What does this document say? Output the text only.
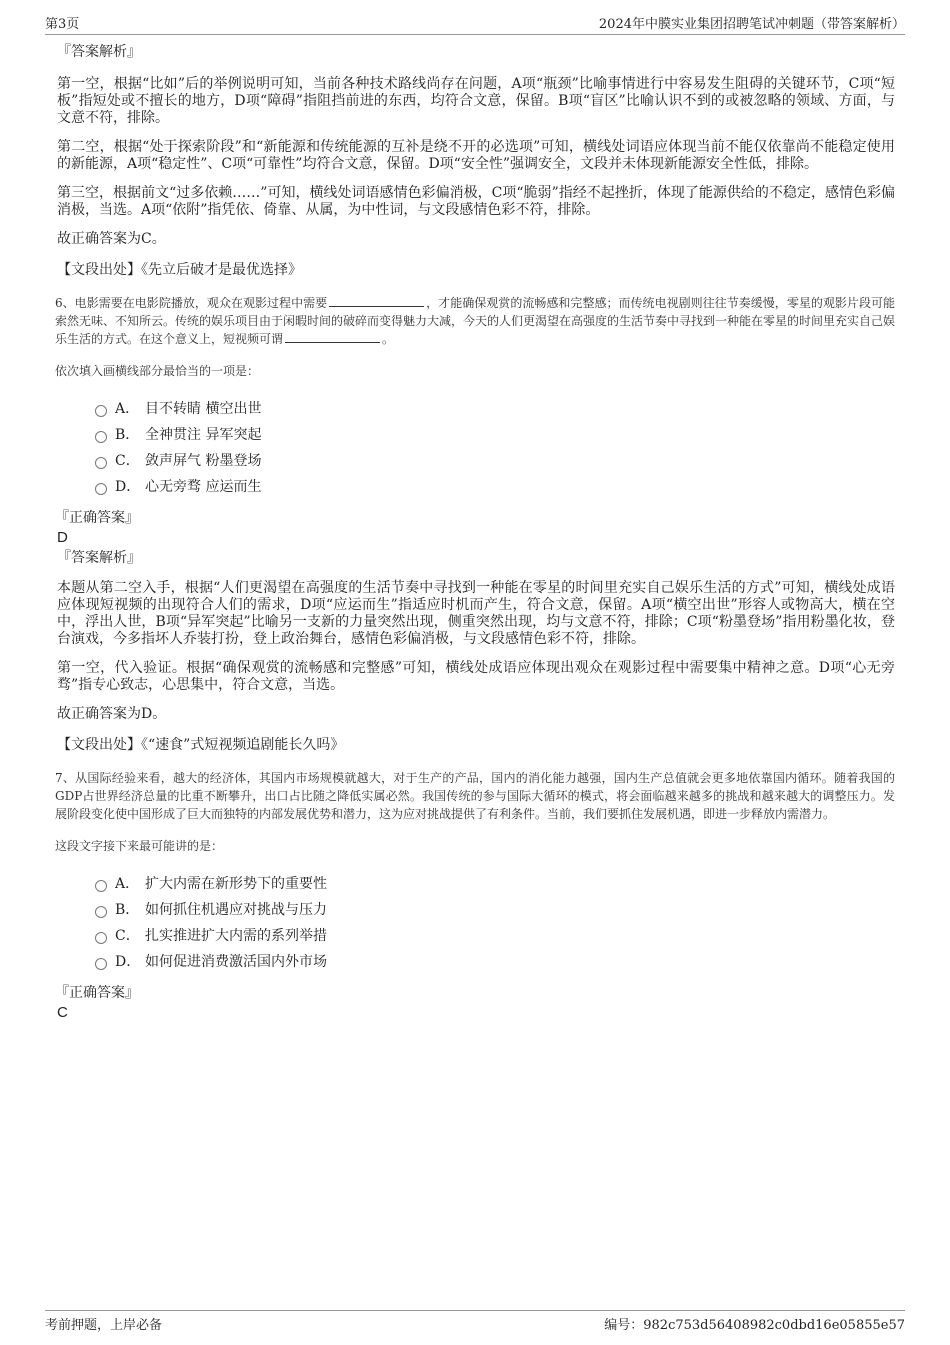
第3页	2024年中膜实业集团招聘笔试冲刺题（带答案解析）
『答案解析』

第一空，根据“比如”后的举例说明可知，当前各种技术路线尚存在问题，A项“瓶颈”比喻事情进行中容易发生阻碍的关键环节，C项“短板”指短处或不擅长的地方，D项“障碍”指阻挡前进的东西，均符合文意，保留。B项“盲区”比喻认识不到的或被忽略的领域、方面，与文意不符，排除。

第二空，根据“处于探索阶段”和“新能源和传统能源的互补是绕不开的必选项”可知，横线处词语应体现当前不能仅依靠尚不能稳定使用的新能源，A项“稳定性”、C项“可靠性”均符合文意，保留。D项“安全性”强调安全，文段并未体现新能源安全性低，排除。

第三空，根据前文“过多依赖……”可知，横线处词语感情色彩偏消极，C项“脆弱”指经不起挫折，体现了能源供给的不稳定，感情色彩偏消极，当选。A项“依附”指凭依、倚靠、从属，为中性词，与文段感情色彩不符，排除。

故正确答案为C。

【文段出处】《先立后破才是最优选择》
6、电影需要在电影院播放，观众在观影过程中需要	，才能确保观赏的流畅感和完整感；而传统电视剧则往往节奏缓慢，零星的观影片段可能索然无味、不知所云。传统的娱乐项目由于闲暇时间的破碎而变得魅力大减，今天的人们更渴望在高强度的生活节奏中寻找到一种能在零星的时间里充实自己娱乐生活的方式。在这个意义上，短视频可谓	。
依次填入画横线部分最恰当的一项是：
A． 目不转睛 横空出世
B． 全神贯注 异军突起
C． 敛声屏气 粉墨登场
D． 心无旁骛 应运而生
『正确答案』
D
『答案解析』

本题从第二空入手，根据“人们更渴望在高强度的生活节奏中寻找到一种能在零星的时间里充实自己娱乐生活的方式”可知，横线处成语应体现短视频的出现符合人们的需求，D项“应运而生”指适应时机而产生，符合文意，保留。A项“横空出世”形容人或物高大，横在空中，浮出人世，B项“异军突起”比喻另一支新的力量突然出现，侧重突然出现，均与文意不符，排除；C项“粉墨登场”指用粉墨化妆，登台演戏，今多指坏人乔装打扮，登上政治舞台，感情色彩偏消极，与文段感情色彩不符，排除。

第一空，代入验证。根据“确保观赏的流畅感和完整感”可知，横线处成语应体现出观众在观影过程中需要集中精神之意。D项“心无旁骛”指专心致志，心思集中，符合文意，当选。

故正确答案为D。

【文段出处】《“速食”式短视频追剧能长久吗》
7、从国际经验来看，越大的经济体，其国内市场规模就越大，对于生产的产品，国内的消化能力越强，国内生产总值就会更多地依靠国内循环。随着我国的GDP占世界经济总量的比重不断攀升，出口占比随之降低实属必然。我国传统的参与国际大循环的模式，将会面临越来越多的挑战和越来越大的调整压力。发展阶段变化使中国形成了巨大而独特的内部发展优势和潜力，这为应对挑战提供了有利条件。当前，我们要抓住发展机遇，即进一步释放内需潜力。
这段文字接下来最可能讲的是：
A． 扩大内需在新形势下的重要性
B． 如何抓住机遇应对挑战与压力
C． 扎实推进扩大内需的系列举措
D． 如何促进消费激活国内外市场
『正确答案』
C
考前押题，上岸必备	编号：982c753d56408982c0dbd16e05855e57
